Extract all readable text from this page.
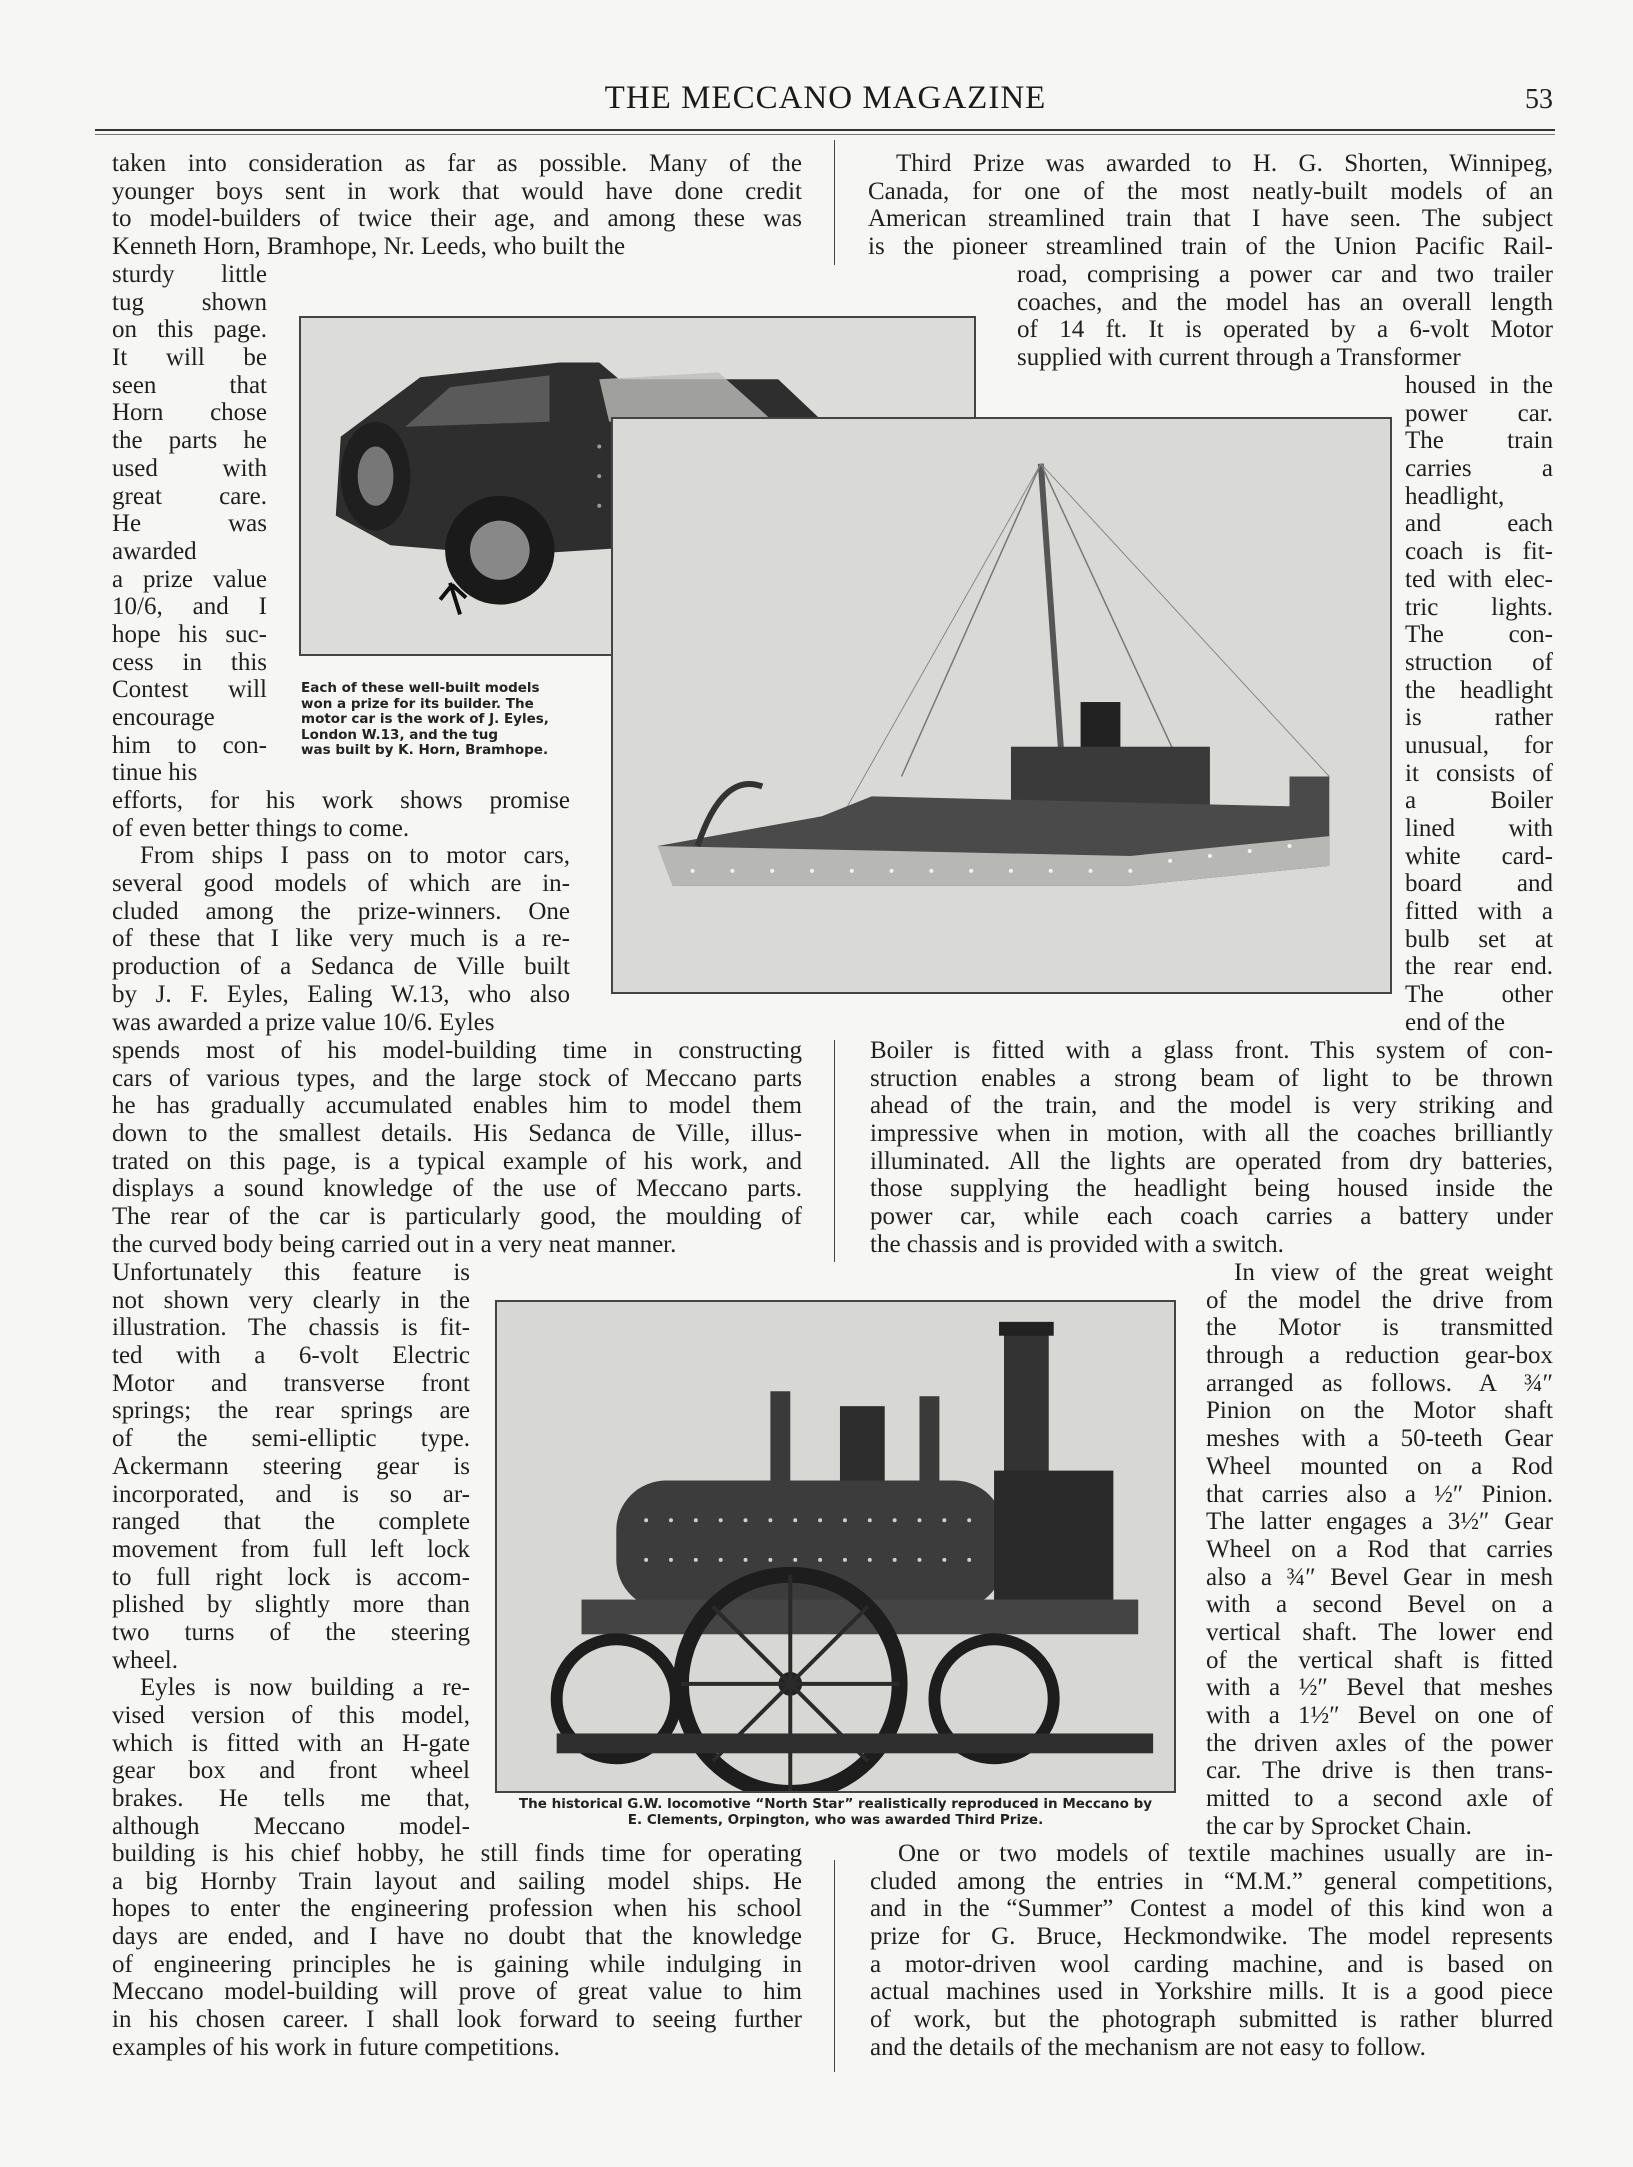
THE MECCANO MAGAZINE	53
taken into consideration as far as possible. Many of the
younger boys sent in work that would have done credit
to model-builders of twice their age, and among these was
Kenneth Horn, Bramhope, Nr. Leeds, who built the
sturdy little
tug shown
on this page.
It will be
seen that
Horn chose
the parts he
used with
great care.
He was
awarded
a prize value
10/6, and I
hope his suc-
cess in this
Contest will
encourage
him to con-
tinue his
efforts, for his work shows promise
of even better things to come.
From ships I pass on to motor cars,
several good models of which are in-
cluded among the prize-winners. One
of these that I like very much is a re-
production of a Sedanca de Ville built
by J. F. Eyles, Ealing W.13, who also
was awarded a prize value 10/6. Eyles
spends most of his model-building time in constructing
cars of various types, and the large stock of Meccano parts
he has gradually accumulated enables him to model them
down to the smallest details. His Sedanca de Ville, illus-
trated on this page, is a typical example of his work, and
displays a sound knowledge of the use of Meccano parts.
The rear of the car is particularly good, the moulding of
the curved body being carried out in a very neat manner.
Unfortunately this feature is
not shown very clearly in the
illustration. The chassis is fit-
ted with a 6-volt Electric
Motor and transverse front
springs; the rear springs are
of the semi-elliptic type.
Ackermann steering gear is
incorporated, and is so ar-
ranged that the complete
movement from full left lock
to full right lock is accom-
plished by slightly more than
two turns of the steering
wheel.
Eyles is now building a re-
vised version of this model,
which is fitted with an H-gate
gear box and front wheel
brakes. He tells me that,
although Meccano model-
building is his chief hobby, he still finds time for operating
a big Hornby Train layout and sailing model ships. He
hopes to enter the engineering profession when his school
days are ended, and I have no doubt that the knowledge
of engineering principles he is gaining while indulging in
Meccano model-building will prove of great value to him
in his chosen career. I shall look forward to seeing further
examples of his work in future competitions.
Third Prize was awarded to H. G. Shorten, Winnipeg,
Canada, for one of the most neatly-built models of an
American streamlined train that I have seen. The subject
is the pioneer streamlined train of the Union Pacific Rail-
road, comprising a power car and two trailer
coaches, and the model has an overall length
of 14 ft. It is operated by a 6-volt Motor
supplied with current through a Transformer
housed in the
power car.
The train
carries a
headlight,
and each
coach is fit-
ted with elec-
tric lights.
The con-
struction of
the headlight
is rather
unusual, for
it consists of
a Boiler
lined with
white card-
board and
fitted with a
bulb set at
the rear end.
The other
end of the
Boiler is fitted with a glass front. This system of con-
struction enables a strong beam of light to be thrown
ahead of the train, and the model is very striking and
impressive when in motion, with all the coaches brilliantly
illuminated. All the lights are operated from dry batteries,
those supplying the headlight being housed inside the
power car, while each coach carries a battery under
the chassis and is provided with a switch.
In view of the great weight
of the model the drive from
the Motor is transmitted
through a reduction gear-box
arranged as follows. A ¾″
Pinion on the Motor shaft
meshes with a 50-teeth Gear
Wheel mounted on a Rod
that carries also a ½″ Pinion.
The latter engages a 3½″ Gear
Wheel on a Rod that carries
also a ¾″ Bevel Gear in mesh
with a second Bevel on a
vertical shaft. The lower end
of the vertical shaft is fitted
with a ½″ Bevel that meshes
with a 1½″ Bevel on one of
the driven axles of the power
car. The drive is then trans-
mitted to a second axle of
the car by Sprocket Chain.
One or two models of textile machines usually are in-
cluded among the entries in “M.M.” general competitions,
and in the “Summer” Contest a model of this kind won a
prize for G. Bruce, Heckmondwike. The model represents
a motor-driven wool carding machine, and is based on
actual machines used in Yorkshire mills. It is a good piece
of work, but the photograph submitted is rather blurred
and the details of the mechanism are not easy to follow.
Each of these well-built models
won a prize for its builder. The
motor car is the work of J. Eyles,
London W.13, and the tug
was built by K. Horn, Bramhope.
The historical G.W. locomotive “North Star” realistically reproduced in Meccano by
E. Clements, Orpington, who was awarded Third Prize.
